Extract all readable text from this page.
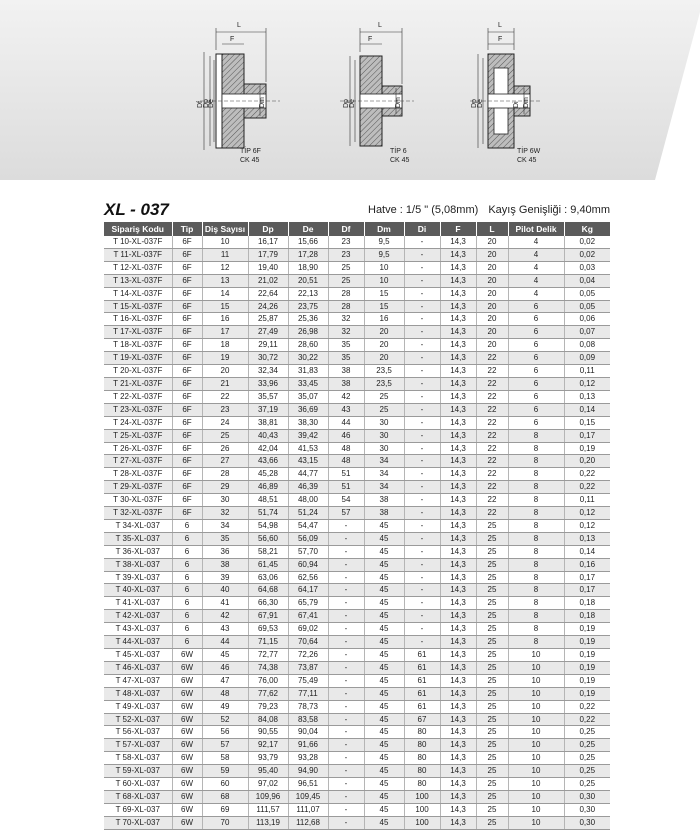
L
F
L
F
L
F
Df Dp
De	Dm	Dp De	Dm	Dp De	Di Dm
TİP 6F
CK 45
TİP 6
CK 45
TİP 6W
CK 45
XL - 037	Hatve : 1/5 " (5,08mm) Kayış Genişliği : 9,40mm
Sipariş Kodu	Tip	Diş Sayısı	Dp	De	Df	Dm	Di	F	L	Pilot Delik	Kg
T 10-XL-037F	6F	10	16,17	15,66	23	9,5	-	14,3	20	4	0,02
T 11-XL-037F	6F	11	17,79	17,28	23	9,5	-	14,3	20	4	0,02
T 12-XL-037F	6F	12	19,40	18,90	25	10	-	14,3	20	4	0,03
T 13-XL-037F	6F	13	21,02	20,51	25	10	-	14,3	20	4	0,04
T 14-XL-037F	6F	14	22,64	22,13	28	15	-	14,3	20	4	0,05
T 15-XL-037F	6F	15	24,26	23,75	28	15	-	14,3	20	6	0,05
T 16-XL-037F	6F	16	25,87	25,36	32	16	-	14,3	20	6	0,06
T 17-XL-037F	6F	17	27,49	26,98	32	20	-	14,3	20	6	0,07
T 18-XL-037F	6F	18	29,11	28,60	35	20	-	14,3	20	6	0,08
T 19-XL-037F	6F	19	30,72	30,22	35	20	-	14,3	22	6	0,09
T 20-XL-037F	6F	20	32,34	31,83	38	23,5	-	14,3	22	6	0,11
T 21-XL-037F	6F	21	33,96	33,45	38	23,5	-	14,3	22	6	0,12
T 22-XL-037F	6F	22	35,57	35,07	42	25	-	14,3	22	6	0,13
T 23-XL-037F	6F	23	37,19	36,69	43	25	-	14,3	22	6	0,14
T 24-XL-037F	6F	24	38,81	38,30	44	30	-	14,3	22	6	0,15
T 25-XL-037F	6F	25	40,43	39,42	46	30	-	14,3	22	8	0,17
T 26-XL-037F	6F	26	42,04	41,53	48	30	-	14,3	22	8	0,19
T 27-XL-037F	6F	27	43,66	43,15	48	34	-	14,3	22	8	0,20
T 28-XL-037F	6F	28	45,28	44,77	51	34	-	14,3	22	8	0,22
T 29-XL-037F	6F	29	46,89	46,39	51	34	-	14,3	22	8	0,22
T 30-XL-037F	6F	30	48,51	48,00	54	38	-	14,3	22	8	0,11
T 32-XL-037F	6F	32	51,74	51,24	57	38	-	14,3	22	8	0,12
T 34-XL-037	6	34	54,98	54,47	-	45	-	14,3	25	8	0,12
T 35-XL-037	6	35	56,60	56,09	-	45	-	14,3	25	8	0,13
T 36-XL-037	6	36	58,21	57,70	-	45	-	14,3	25	8	0,14
T 38-XL-037	6	38	61,45	60,94	-	45	-	14,3	25	8	0,16
T 39-XL-037	6	39	63,06	62,56	-	45	-	14,3	25	8	0,17
T 40-XL-037	6	40	64,68	64,17	-	45	-	14,3	25	8	0,17
T 41-XL-037	6	41	66,30	65,79	-	45	-	14,3	25	8	0,18
T 42-XL-037	6	42	67,91	67,41	-	45	-	14,3	25	8	0,18
T 43-XL-037	6	43	69,53	69,02	-	45	-	14,3	25	8	0,19
T 44-XL-037	6	44	71,15	70,64	-	45	-	14,3	25	8	0,19
T 45-XL-037	6W	45	72,77	72,26	-	45	61	14,3	25	10	0,19
T 46-XL-037	6W	46	74,38	73,87	-	45	61	14,3	25	10	0,19
T 47-XL-037	6W	47	76,00	75,49	-	45	61	14,3	25	10	0,19
T 48-XL-037	6W	48	77,62	77,11	-	45	61	14,3	25	10	0,19
T 49-XL-037	6W	49	79,23	78,73	-	45	61	14,3	25	10	0,22
T 52-XL-037	6W	52	84,08	83,58	-	45	67	14,3	25	10	0,22
T 56-XL-037	6W	56	90,55	90,04	-	45	80	14,3	25	10	0,25
T 57-XL-037	6W	57	92,17	91,66	-	45	80	14,3	25	10	0,25
T 58-XL-037	6W	58	93,79	93,28	-	45	80	14,3	25	10	0,25
T 59-XL-037	6W	59	95,40	94,90	-	45	80	14,3	25	10	0,25
T 60-XL-037	6W	60	97,02	96,51	-	45	80	14,3	25	10	0,25
T 68-XL-037	6W	68	109,96	109,45	-	45	100	14,3	25	10	0,30
T 69-XL-037	6W	69	111,57	111,07	-	45	100	14,3	25	10	0,30
T 70-XL-037	6W	70	113,19	112,68	-	45	100	14,3	25	10	0,30
